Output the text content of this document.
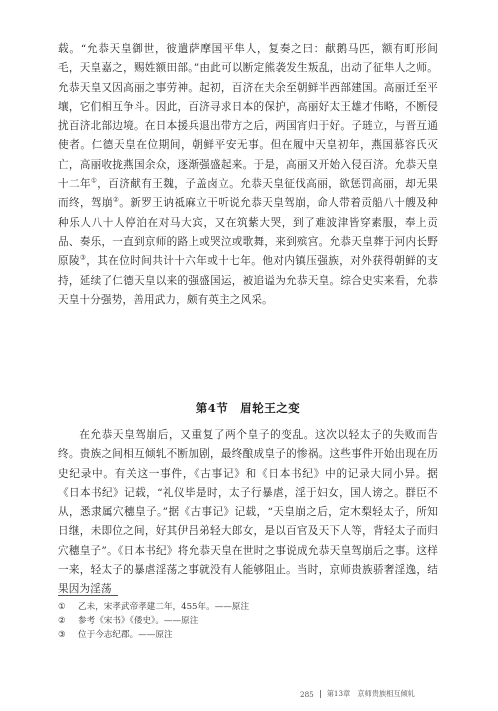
载。“允恭天皇御世，彼遣萨摩国平隼人，复奏之曰：献鹅马匹，额有町形间毛，天皇嘉之，赐姓额田部。”由此可以断定熊袭发生叛乱，出动了征隼人之师。允恭天皇又因高丽之事劳神。起初，百济在夫余至朝鲜半西部建国。高丽迁至平壤，它们相互争斗。因此，百济寻求日本的保护，高丽好太王雄才伟略，不断侵扰百济北部边境。在日本援兵退出带方之后，两国宵归于好。子琏立，与晋互通使者。仁德天皇在位期间，朝鲜平安无事。但在履中天皇初年，燕国慕容氏灭亡，高丽收拢燕国余众，逐渐强盛起来。于是，高丽又开始入侵百济。允恭天皇十二年①，百济献有王魏，子盖卤立。允恭天皇征伐高丽，欲惩罚高丽，却无果而终，驾崩②。新罗王讷祗麻立干听说允恭天皇驾崩，命人带着贡船八十艘及种种乐人八十人停泊在对马大宾，又在筑紫大哭，到了难波津皆穿素服，奉上贡品、奏乐，一直到京师的路上或哭泣或歌舞，来到殡宫。允恭天皇葬于河内长野原陵③，其在位时间共计十六年或十七年。他对内镇压强族，对外获得朝鲜的支持，延续了仁德天皇以来的强盛国运，被追谥为允恭天皇。综合史实来看，允恭天皇十分强势，善用武力，颇有英主之风采。

第4节　眉轮王之变

在允恭天皇驾崩后，又重复了两个皇子的变乱。这次以轻太子的失败而告终。贵族之间相互倾轧不断加剧，最终酿成皇子的惨祸。这些事件开始出现在历史纪录中。有关这一事件，《古事记》和《日本书纪》中的记录大同小异。据《日本书纪》记载，“礼仪毕是时，太子行暴虐，淫于妇女，国人谤之。群臣不从，悉隶属穴穗皇子。”据《古事记》记载，“天皇崩之后，定木梨轻太子，所知日继，未即位之间，好其伊吕弟轻大郎女，是以百官及天下人等，背轻太子而归穴穗皇子”。《日本书纪》将允恭天皇在世时之事说成允恭天皇驾崩后之事。这样一来，轻太子的暴虐淫荡之事就没有人能够阻止。当时，京师贵族骄奢淫逸，结果因为淫荡

①	乙未，宋孝武帝孝建二年，455年。——原注
②	参考《宋书》《倭史》。——原注
③	位于今志纪郡。——原注
285 第13章　京师贵族相互倾轧
